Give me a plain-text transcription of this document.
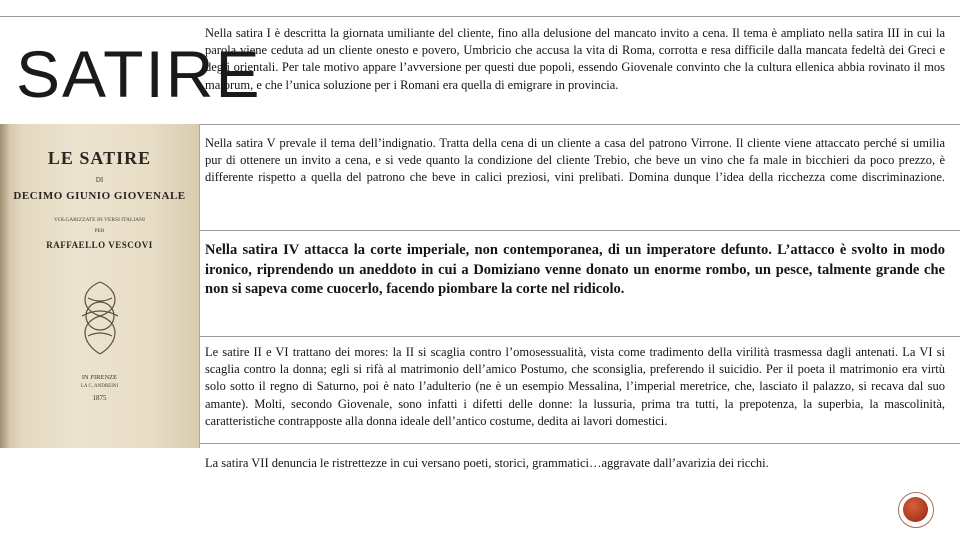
SATIRE
LE SATIRE
DI
DECIMO GIUNIO GIOVENALE
VOLGARIZZATE IN VERSI ITALIANI
PER
RAFFAELLO VESCOVI
IN FIRENZE
LA C. ANDREINI
1875

Nella satira I è descritta la giornata umiliante del cliente, fino alla delusione del mancato invito a cena. Il tema è ampliato nella satira III in cui la parola viene ceduta ad un cliente onesto e povero, Umbricio che accusa la vita di Roma, corrotta e resa difficile dalla mancata fedeltà dei Greci e degli orientali. Per tale motivo appare l’avversione per questi due popoli, essendo Giovenale convinto che la cultura ellenica abbia rovinato il mos maiorum, e che l’unica soluzione per i Romani era quella di emigrare in provincia.

Nella satira V prevale il tema dell’indignatio. Tratta della cena di un cliente a casa del patrono Virrone. Il cliente viene attaccato perché si umilia pur di ottenere un invito a cena, e si vede quanto la condizione del cliente Trebio, che beve un vino che fa male in bicchieri da poco prezzo, è differente rispetto a quella del patrono che beve in calici preziosi, vini prelibati. Domina dunque l’idea della ricchezza come discriminazione.

Nella satira IV attacca la corte imperiale, non contemporanea, di un imperatore defunto. L’attacco è svolto in modo ironico, riprendendo un aneddoto in cui a Domiziano venne donato un enorme rombo, un pesce, talmente grande che non si sapeva come cuocerlo, facendo piombare la corte nel ridicolo.

Le satire II e VI trattano dei mores: la II si scaglia contro l’omosessualità, vista come tradimento della virilità trasmessa dagli antenati. La VI si scaglia contro la donna; egli si rifà al matrimonio dell’amico Postumo, che sconsiglia, preferendo il suicidio. Per il poeta il matrimonio era virtù solo sotto il regno di Saturno, poi è nato l’adulterio (ne è un esempio Messalina, l’imperial meretrice, che, lasciato il palazzo, si recava dal suo amante). Molti, secondo Giovenale, sono infatti i difetti delle donne: la lussuria, prima tra tutti, la prepotenza, la superbia, la mascolinità, caratteristiche contrapposte alla donna ideale dell’antico costume, dedita ai lavori domestici.

La satira VII denuncia le ristrettezze in cui versano poeti, storici, grammatici…aggravate dall’avarizia dei ricchi.
